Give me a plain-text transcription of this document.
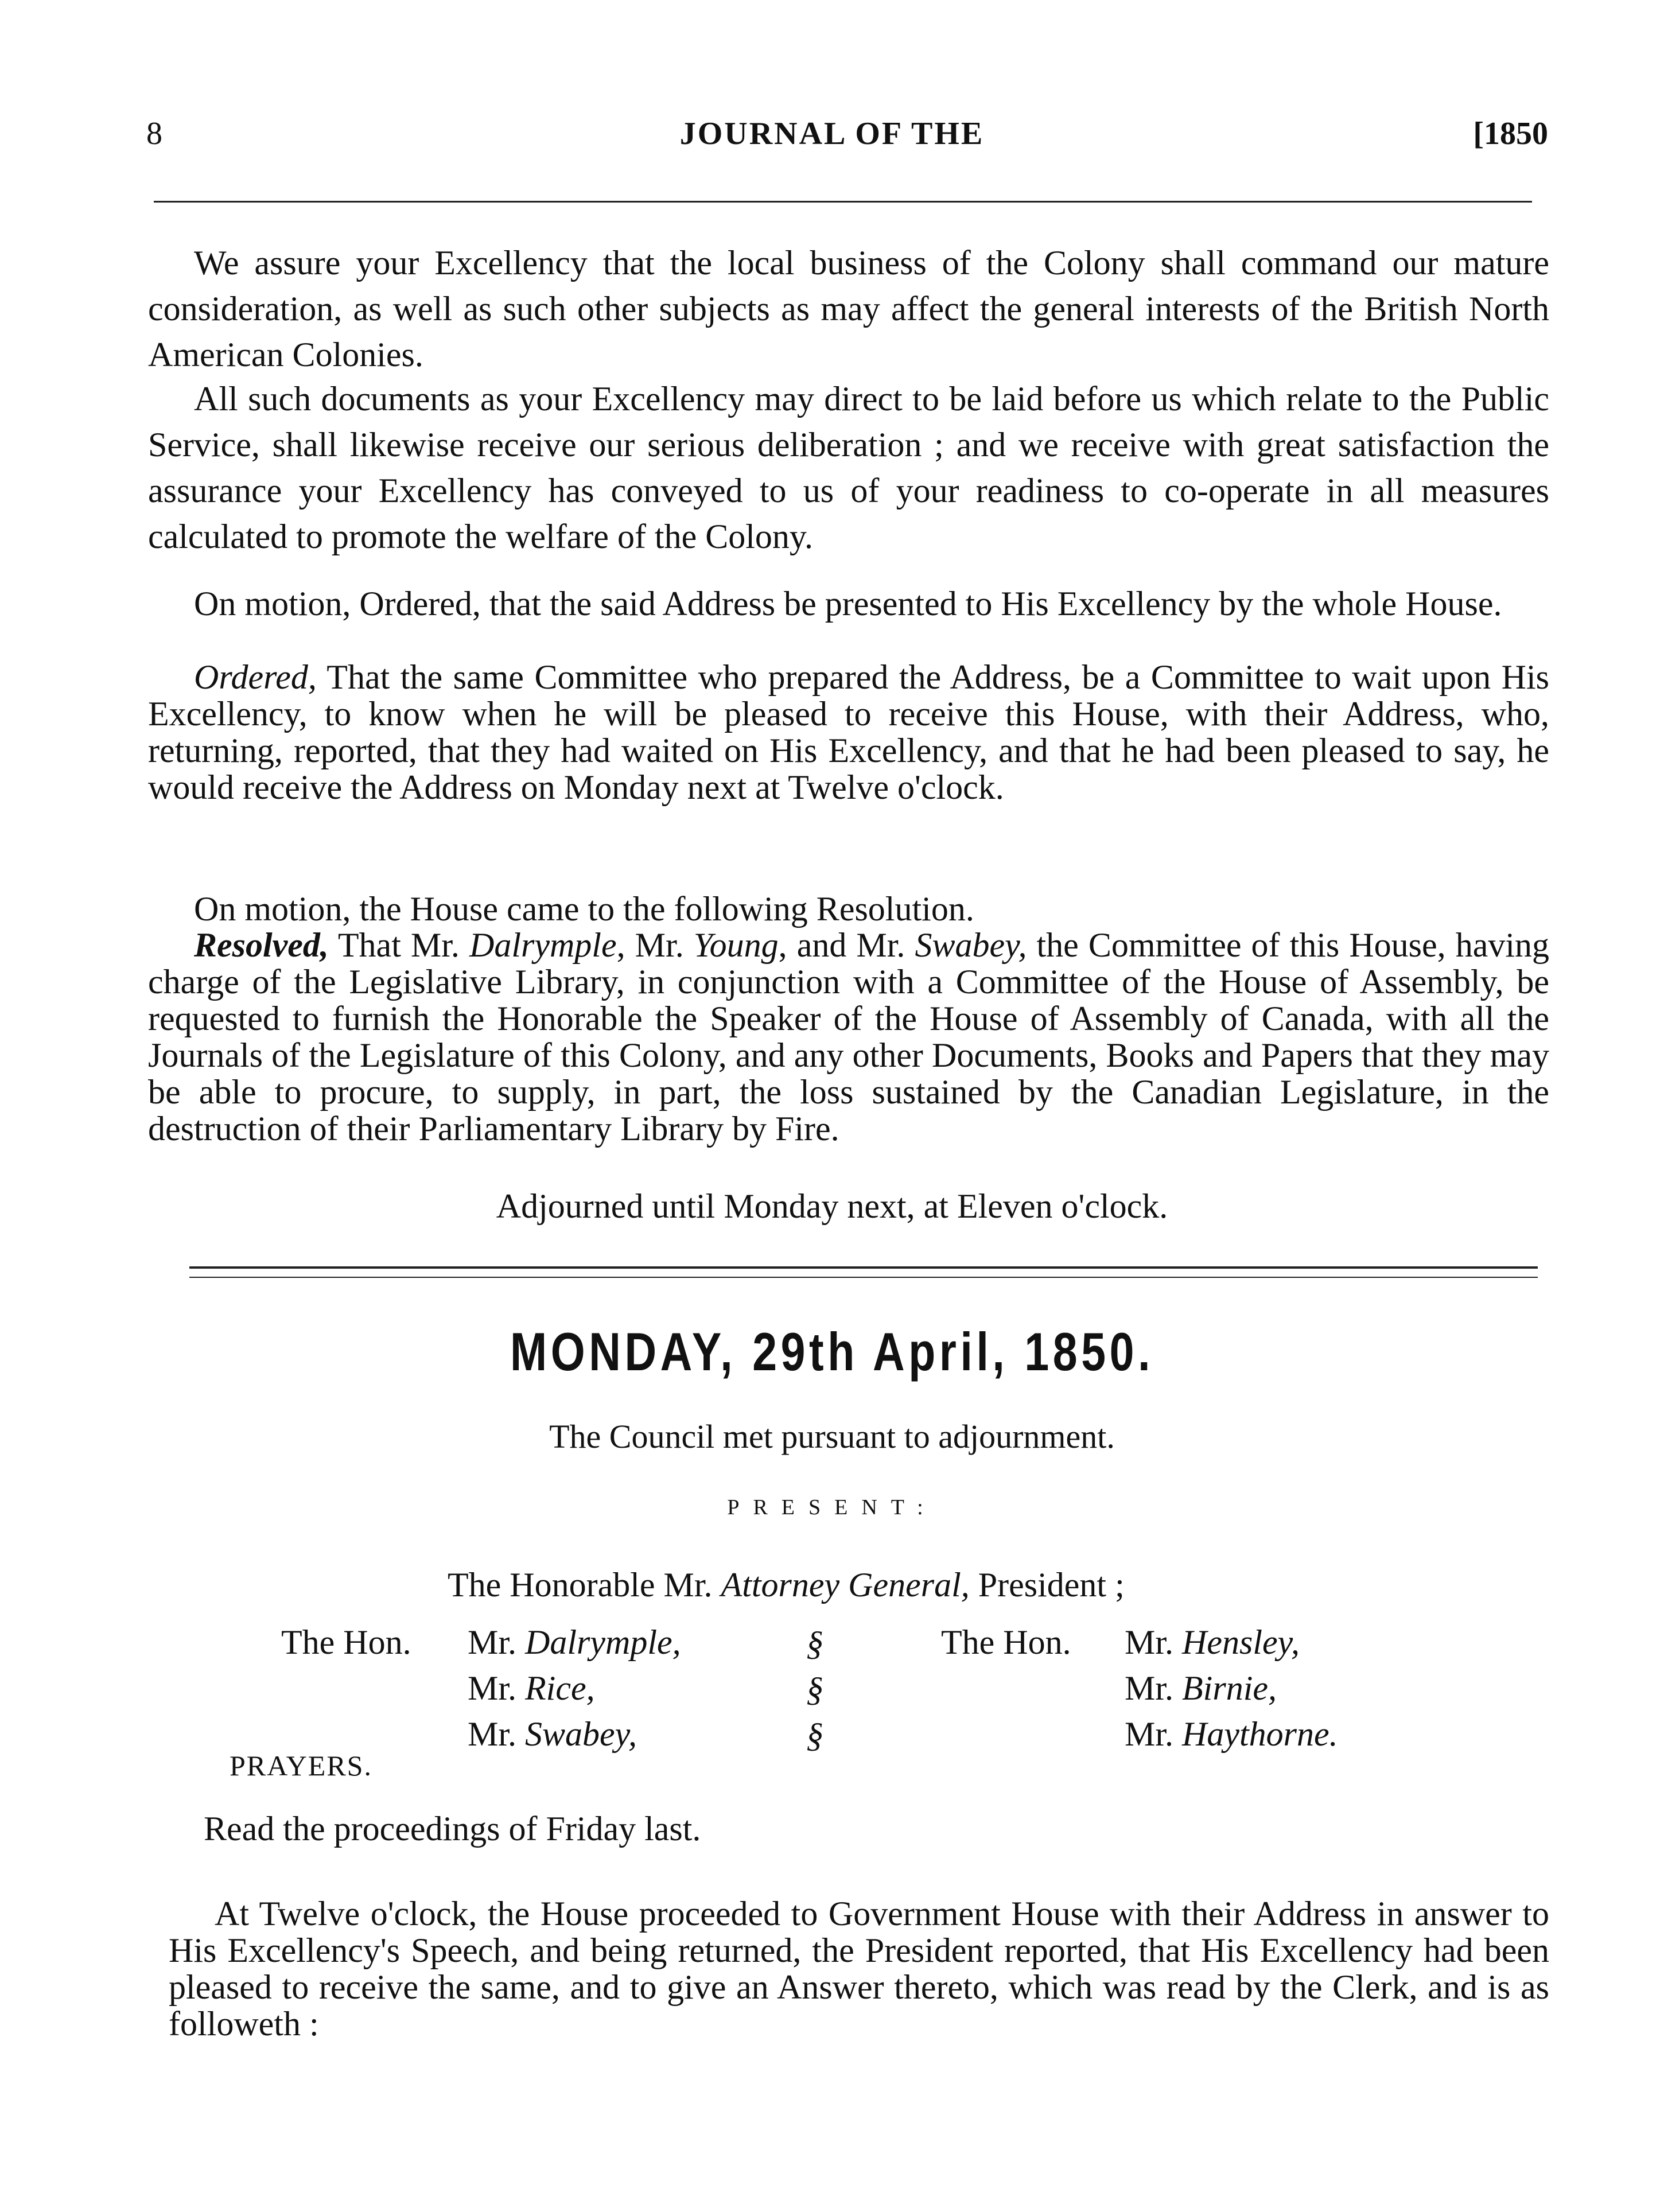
8	JOURNAL OF THE	[1850

We assure your Excellency that the local business of the Colony shall command our mature consideration, as well as such other subjects as may affect the general interests of the British North American Colonies.

All such documents as your Excellency may direct to be laid before us which relate to the Public Service, shall likewise receive our serious deliberation ; and we receive with great satisfaction the assurance your Excellency has conveyed to us of your readiness to co-operate in all measures calculated to promote the welfare of the Colony.

On motion, Ordered, that the said Address be presented to His Excellency by the whole House.

Ordered, That the same Committee who prepared the Address, be a Committee to wait upon His Excellency, to know when he will be pleased to receive this House, with their Address, who, returning, reported, that they had waited on His Excellency, and that he had been pleased to say, he would receive the Address on Monday next at Twelve o'clock.

On motion, the House came to the following Resolution.

Resolved, That Mr. Dalrymple, Mr. Young, and Mr. Swabey, the Committee of this House, having charge of the Legislative Library, in conjunction with a Committee of the House of Assembly, be requested to furnish the Honorable the Speaker of the House of Assembly of Canada, with all the Journals of the Legislature of this Colony, and any other Documents, Books and Papers that they may be able to procure, to supply, in part, the loss sustained by the Canadian Legislature, in the destruction of their Parliamentary Library by Fire.

Adjourned until Monday next, at Eleven o'clock.
MONDAY, 29th April, 1850.
The Council met pursuant to adjournment.
PRESENT:
The Honorable Mr. Attorney General, President ;
The Hon. Mr. Dalrymple,
Mr. Rice,
Mr. Swabey,
§
§
§
The Hon. Mr. Hensley,
Mr. Birnie,
Mr. Haythorne.
PRAYERS.
Read the proceedings of Friday last.

At Twelve o'clock, the House proceeded to Government House with their Address in answer to His Excellency's Speech, and being returned, the President reported, that His Excellency had been pleased to receive the same, and to give an Answer thereto, which was read by the Clerk, and is as followeth :
